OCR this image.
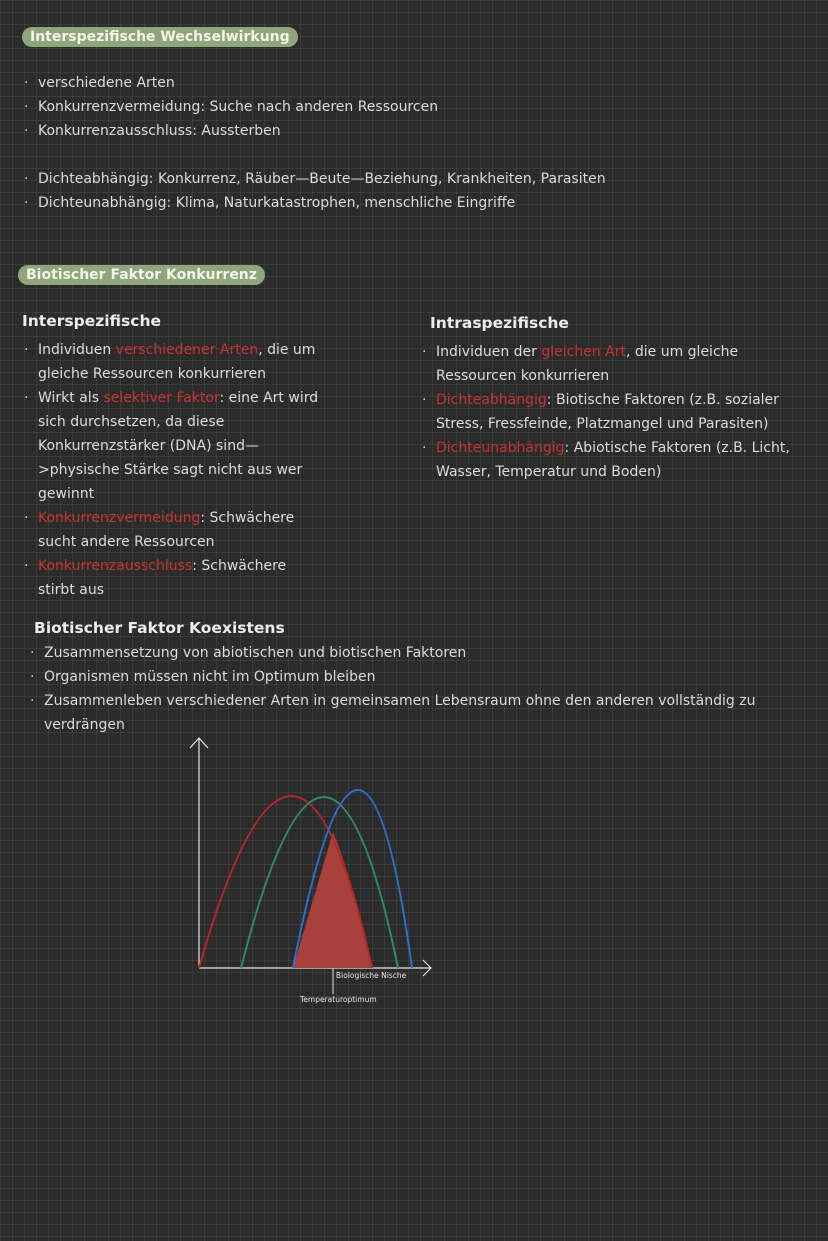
Interspezifische Wechselwirkung
· verschiedene Arten
· Konkurrenzvermeidung: Suche nach anderen Ressourcen
· Konkurrenzausschluss: Aussterben
· Dichteabhängig: Konkurrenz, Räuber—Beute—Beziehung, Krankheiten, Parasiten
· Dichteunabhängig: Klima, Naturkatastrophen, menschliche Eingriffe
Biotischer Faktor Konkurrenz
Interspezifische
· Individuen verschiedener Arten, die um gleiche Ressourcen konkurrieren
· Wirkt als selektiver Faktor: eine Art wird sich durchsetzen, da diese Konkurrenzstärker (DNA) sind—>physische Stärke sagt nicht aus wer gewinnt
· Konkurrenzvermeidung: Schwächere sucht andere Ressourcen
· Konkurrenzausschluss: Schwächere stirbt aus
Intraspezifische
· Individuen der gleichen Art, die um gleiche Ressourcen konkurrieren
· Dichteabhängig: Biotische Faktoren (z.B. sozialer Stress, Fressfeinde, Platzmangel und Parasiten)
· Dichteunabhängig: Abiotische Faktoren (z.B. Licht, Wasser, Temperatur und Boden)
Biotischer Faktor Koexistens
· Zusammensetzung von abiotischen und biotischen Faktoren
· Organismen müssen nicht im Optimum bleiben
· Zusammenleben verschiedener Arten in gemeinsamen Lebensraum ohne den anderen vollständig zu verdrängen
Biologische Nische
Temperaturoptimum
